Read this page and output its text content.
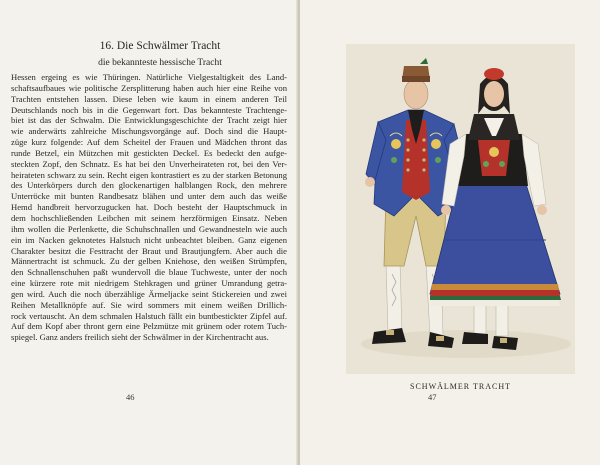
16. Die Schwälmer Tracht
die bekannteste hessische Tracht

Hessen ergeing es wie Thüringen. Natürliche Vielgestaltigkeit des Land-
schaftsaufbaues wie politische Zersplitterung haben auch hier eine Reihe von
Trachten entstehen lassen. Diese leben wie kaum in einem anderen Teil
Deutschlands noch bis in die Gegenwart fort. Das bekannteste Trachtenge-
biet ist das der Schwalm. Die Entwicklungsgeschichte der Tracht zeigt hier
wie anderwärts zahlreiche Mischungsvorgänge auf. Doch sind die Haupt-
züge kurz folgende: Auf dem Scheitel der Frauen und Mädchen thront das
runde Betzel, ein Mützchen mit gestickten Deckel. Es bedeckt den aufge-
steckten Zopf, den Schnatz. Es hat bei den Unverheirateten rot, bei den Ver-
heirateten schwarz zu sein. Recht eigen kontrastiert es zu der starken Betonung
des Unterkörpers durch den glockenartigen halblangen Rock, den mehrere
Unterröcke mit bunten Randbesatz blähen und unter dem auch das weiße
Hemd handbreit hervorzugucken hat. Doch besteht der Hauptschmuck in
dem hochschließenden Leibchen mit seinem herzförmigen Einsatz. Neben
ihm wollen die Perlenkette, die Schuhschnallen und Gewandnesteln wie auch
ein im Nacken geknotetes Halstuch nicht unbeachtet bleiben. Ganz eigenen
Charakter besitzt die Festtracht der Braut und Brautjungfern. Aber auch die
Männertracht ist schmuck. Zu der gelben Kniehose, den weißen Strümpfen,
den Schnallenschuhen paßt wundervoll die blaue Tuchweste, unter der noch
eine kürzere rote mit niedrigem Stehkragen und grüner Umrandung getra-
gen wird. Auch die noch überzählige Ärmeljacke seint Stickereien und zwei
Reihen Metallknöpfe auf. Sie wird sommers mit einem weißen Drillich-
rock vertauscht. An dem schmalen Halstuch fällt ein buntbestickter Zipfel auf.
Auf dem Kopf aber thront gern eine Pelzmütze mit grünem oder rotem Tuch-
spiegel. Ganz anders freilich sieht der Schwälmer in der Kirchentracht aus.

46
SCHWÄLMER TRACHT
47
